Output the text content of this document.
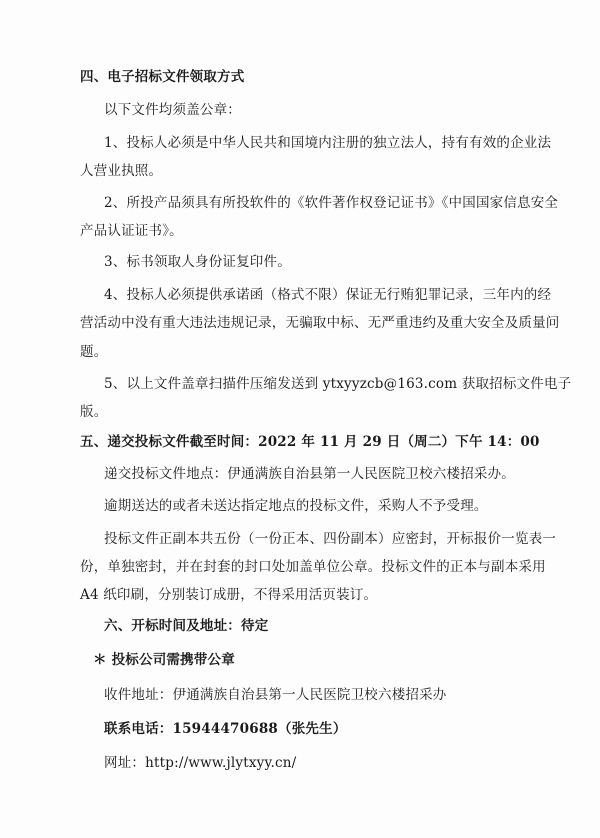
四、电子招标文件领取方式
以下文件均须盖公章：
1、投标人必须是中华人民共和国境内注册的独立法人，持有有效的企业法
人营业执照。
2、所投产品须具有所投软件的《软件著作权登记证书》《中国国家信息安全
产品认证证书》。
3、标书领取人身份证复印件。
4、投标人必须提供承诺函（格式不限）保证无行贿犯罪记录，三年内的经
营活动中没有重大违法违规记录，无骗取中标、无严重违约及重大安全及质量问
题。
5、以上文件盖章扫描件压缩发送到 ytxyyzcb@163.com 获取招标文件电子
版。
五、递交投标文件截至时间：2022 年 11 月 29 日（周二）下午 14：00
递交投标文件地点：伊通满族自治县第一人民医院卫校六楼招采办。
逾期送达的或者未送达指定地点的投标文件，采购人不予受理。
投标文件正副本共五份（一份正本、四份副本）应密封，开标报价一览表一
份，单独密封，并在封套的封口处加盖单位公章。投标文件的正本与副本采用
A4 纸印刷，分别装订成册，不得采用活页装订。
六、开标时间及地址：待定
＊ 投标公司需携带公章
收件地址：伊通满族自治县第一人民医院卫校六楼招采办
联系电话：15944470688（张先生）
网址：http://www.jlytxyy.cn/
